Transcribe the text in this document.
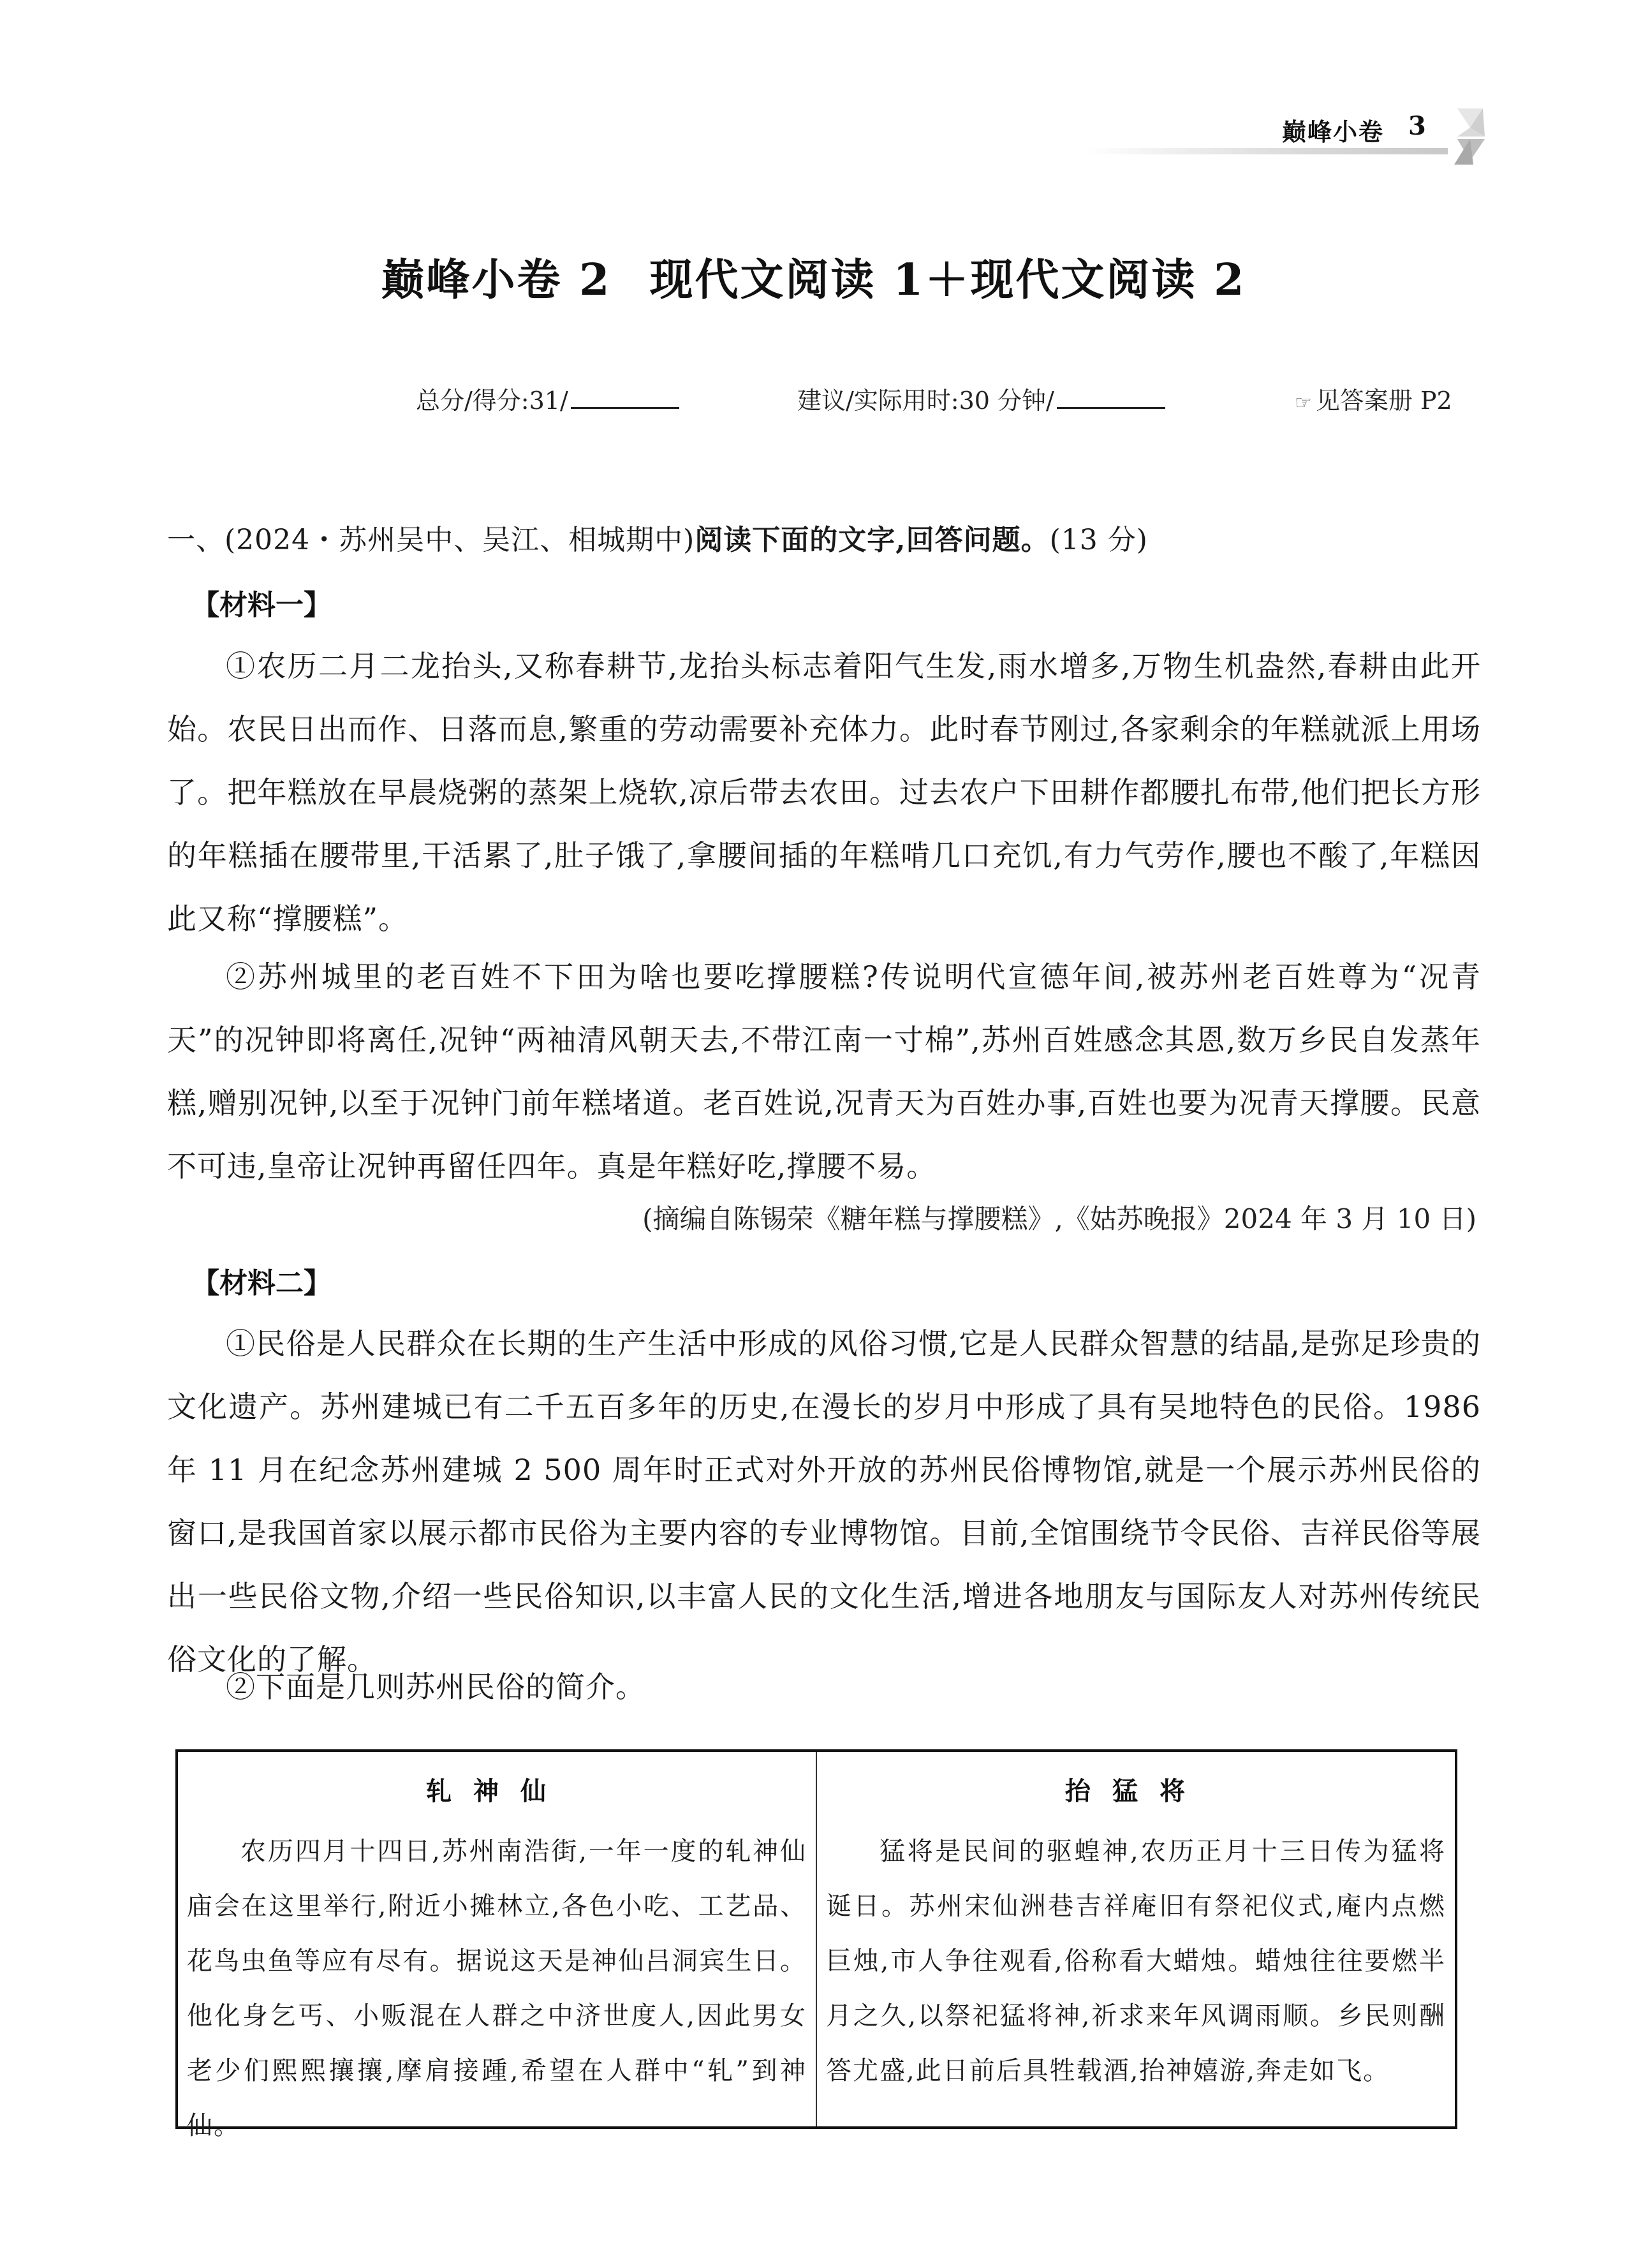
巅峰小卷 3
巅峰小卷 2 现代文阅读 1＋现代文阅读 2
总分/得分:31/	建议/实际用时:30 分钟/	☞ 见答案册 P2
一、(2024・苏州吴中、吴江、相城期中)阅读下面的文字,回答问题。(13 分)
【材料一】
①农历二月二龙抬头,又称春耕节,龙抬头标志着阳气生发,雨水增多,万物生机盎然,春耕由此开始。农民日出而作、日落而息,繁重的劳动需要补充体力。此时春节刚过,各家剩余的年糕就派上用场了。把年糕放在早晨烧粥的蒸架上烧软,凉后带去农田。过去农户下田耕作都腰扎布带,他们把长方形的年糕插在腰带里,干活累了,肚子饿了,拿腰间插的年糕啃几口充饥,有力气劳作,腰也不酸了,年糕因此又称“撑腰糕”。
②苏州城里的老百姓不下田为啥也要吃撑腰糕?传说明代宣德年间,被苏州老百姓尊为“况青天”的况钟即将离任,况钟“两袖清风朝天去,不带江南一寸棉”,苏州百姓感念其恩,数万乡民自发蒸年糕,赠别况钟,以至于况钟门前年糕堵道。老百姓说,况青天为百姓办事,百姓也要为况青天撑腰。民意不可违,皇帝让况钟再留任四年。真是年糕好吃,撑腰不易。
(摘编自陈锡荣《糖年糕与撑腰糕》,《姑苏晚报》2024 年 3 月 10 日)
【材料二】
①民俗是人民群众在长期的生产生活中形成的风俗习惯,它是人民群众智慧的结晶,是弥足珍贵的文化遗产。苏州建城已有二千五百多年的历史,在漫长的岁月中形成了具有吴地特色的民俗。1986 年 11 月在纪念苏州建城 2 500 周年时正式对外开放的苏州民俗博物馆,就是一个展示苏州民俗的窗口,是我国首家以展示都市民俗为主要内容的专业博物馆。目前,全馆围绕节令民俗、吉祥民俗等展出一些民俗文物,介绍一些民俗知识,以丰富人民的文化生活,增进各地朋友与国际友人对苏州传统民俗文化的了解。
②下面是几则苏州民俗的简介。
轧神仙
农历四月十四日,苏州南浩街,一年一度的轧神仙庙会在这里举行,附近小摊林立,各色小吃、工艺品、花鸟虫鱼等应有尽有。据说这天是神仙吕洞宾生日。他化身乞丐、小贩混在人群之中济世度人,因此男女老少们熙熙攘攘,摩肩接踵,希望在人群中“轧”到神仙。
抬猛将
猛将是民间的驱蝗神,农历正月十三日传为猛将诞日。苏州宋仙洲巷吉祥庵旧有祭祀仪式,庵内点燃巨烛,市人争往观看,俗称看大蜡烛。蜡烛往往要燃半月之久,以祭祀猛将神,祈求来年风调雨顺。乡民则酬答尤盛,此日前后具牲载酒,抬神嬉游,奔走如飞。
